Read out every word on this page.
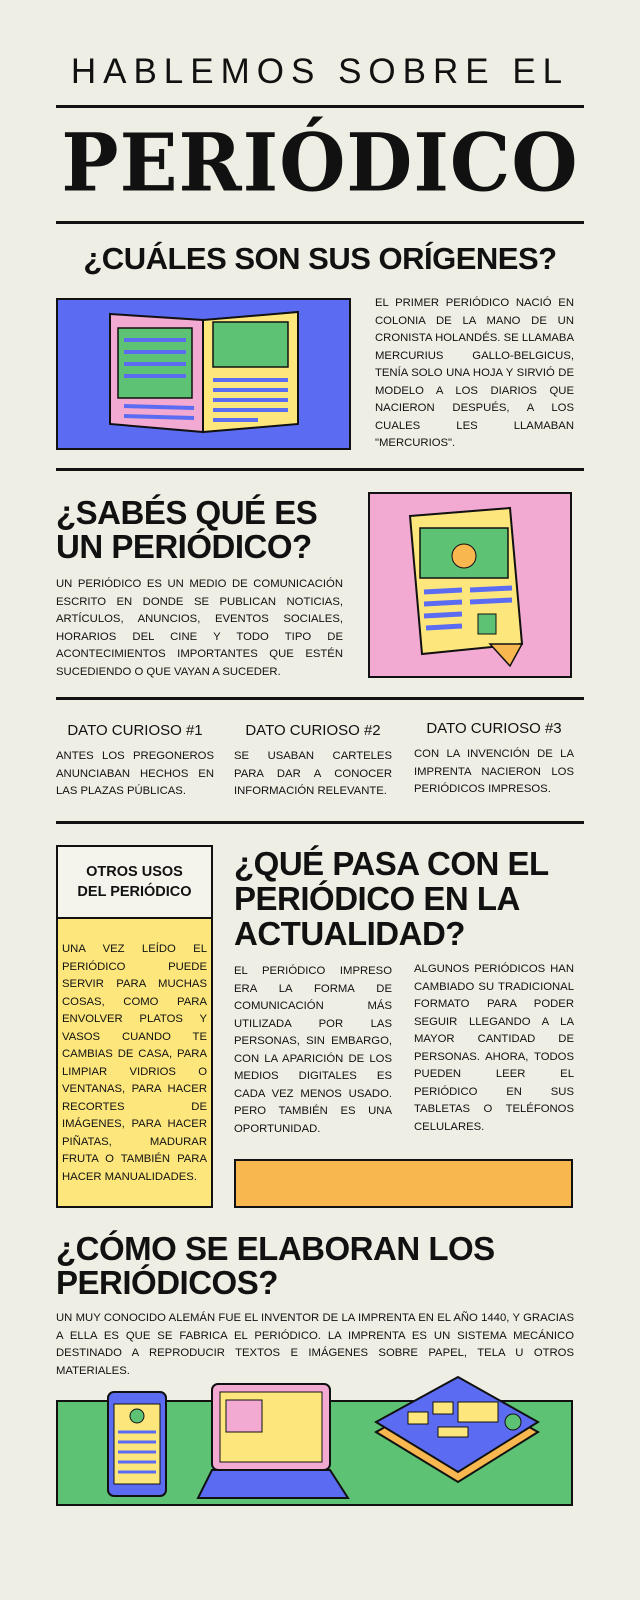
HABLEMOS SOBRE EL
PERIÓDICO
¿CUÁLES SON SUS ORÍGENES?
EL PRIMER PERIÓDICO NACIÓ EN COLONIA DE LA MANO DE UN CRONISTA HOLANDÉS. SE LLAMABA MERCURIUS GALLO-BELGICUS, TENÍA SOLO UNA HOJA Y SIRVIÓ DE MODELO A LOS DIARIOS QUE NACIERON DESPUÉS, A LOS CUALES LES LLAMABAN "MERCURIOS".
¿SABÉS QUÉ ES
UN PERIÓDICO?
UN PERIÓDICO ES UN MEDIO DE COMUNICACIÓN ESCRITO EN DONDE SE PUBLICAN NOTICIAS, ARTÍCULOS, ANUNCIOS, EVENTOS SOCIALES, HORARIOS DEL CINE Y TODO TIPO DE ACONTECIMIENTOS IMPORTANTES QUE ESTÉN SUCEDIENDO O QUE VAYAN A SUCEDER.
DATO CURIOSO #1
ANTES LOS PREGONEROS ANUNCIABAN HECHOS EN LAS PLAZAS PÚBLICAS.
DATO CURIOSO #2
SE USABAN CARTELES PARA DAR A CONOCER INFORMACIÓN RELEVANTE.
DATO CURIOSO #3
CON LA INVENCIÓN DE LA IMPRENTA NACIERON LOS PERIÓDICOS IMPRESOS.
OTROS USOS DEL PERIÓDICO
UNA VEZ LEÍDO EL PERIÓDICO PUEDE SERVIR PARA MUCHAS COSAS, COMO PARA ENVOLVER PLATOS Y VASOS CUANDO TE CAMBIAS DE CASA, PARA LIMPIAR VIDRIOS O VENTANAS, PARA HACER RECORTES DE IMÁGENES, PARA HACER PIÑATAS, MADURAR FRUTA O TAMBIÉN PARA HACER MANUALIDADES.
¿QUÉ PASA CON EL PERIÓDICO EN LA ACTUALIDAD?
EL PERIÓDICO IMPRESO ERA LA FORMA DE COMUNICACIÓN MÁS UTILIZADA POR LAS PERSONAS, SIN EMBARGO, CON LA APARICIÓN DE LOS MEDIOS DIGITALES ES CADA VEZ MENOS USADO. PERO TAMBIÉN ES UNA OPORTUNIDAD.
ALGUNOS PERIÓDICOS HAN CAMBIADO SU TRADICIONAL FORMATO PARA PODER SEGUIR LLEGANDO A LA MAYOR CANTIDAD DE PERSONAS. AHORA, TODOS PUEDEN LEER EL PERIÓDICO EN SUS TABLETAS O TELÉFONOS CELULARES.
¿CÓMO SE ELABORAN LOS PERIÓDICOS?
UN MUY CONOCIDO ALEMÁN FUE EL INVENTOR DE LA IMPRENTA EN EL AÑO 1440, Y GRACIAS A ELLA ES QUE SE FABRICA EL PERIÓDICO. LA IMPRENTA ES UN SISTEMA MECÁNICO DESTINADO A REPRODUCIR TEXTOS E IMÁGENES SOBRE PAPEL, TELA U OTROS MATERIALES.
